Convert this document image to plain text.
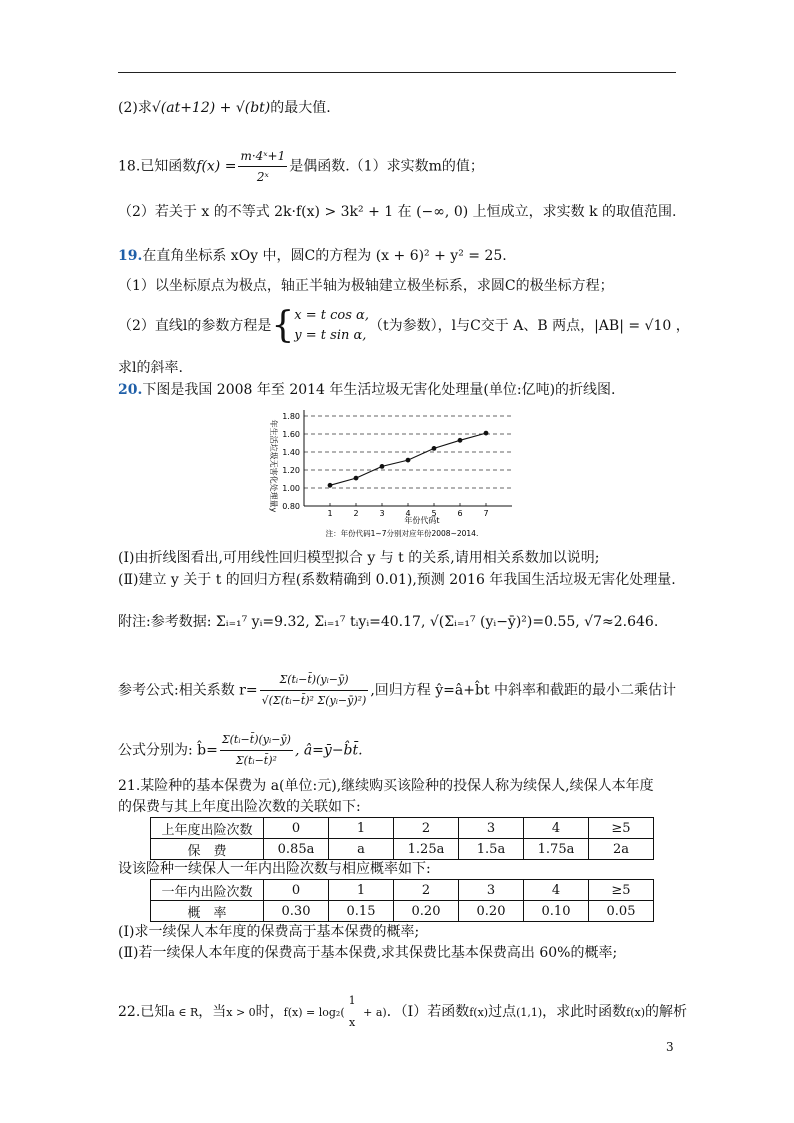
(2)求√(at+12) + √(bt)的最大值.
18.已知函数$f(x) = \frac{\text{m·4ˣ+1}}{\text{2ˣ}}$ 是偶函数.（1）求实数m的值；
（2）若关于 x 的不等式 2k·f(x) > 3k² + 1 在 (−∞, 0) 上恒成立，求实数 k 的取值范围.
19.在直角坐标系 xOy 中，圆C的方程为 (x + 6)² + y² = 25.
（1）以坐标原点为极点，轴正半轴为极轴建立极坐标系，求圆C的极坐标方程；
（2）直线l的参数方程是{ x = t cos α,
y = t sin α,
（t为参数），l与C交于 A、B 两点，|AB| = √10 ，
求l的斜率.
20.下图是我国 2008 年至 2014 年生活垃圾无害化处理量(单位:亿吨)的折线图.
0.80
1.00
1.20
1.40
1.60
1.80
1	2	3	4	5	6	7
年生活垃圾无害化处理量y
年份代码t
注：年份代码1~7分别对应年份2008~2014.
(Ⅰ)由折线图看出,可用线性回归模型拟合 y 与 t 的关系,请用相关系数加以说明;
(Ⅱ)建立 y 关于 t 的回归方程(系数精确到 0.01),预测 2016 年我国生活垃圾无害化处理量.
附注:参考数据: Σᵢ₌₁⁷ yᵢ=9.32, Σᵢ₌₁⁷ tᵢyᵢ=40.17, √(Σᵢ₌₁⁷ (yᵢ−ȳ)²)=0.55, √7≈2.646.
参考公式:相关系数 $r= \frac{\text{Σ(tᵢ−t̄)(yᵢ−ȳ)}}{\text{√(Σ(tᵢ−t̄)² Σ(yᵢ−ȳ)²)}}$ ,回归方程 ŷ=â+b̂t 中斜率和截距的最小二乘估计
公式分别为: b̂= $\frac{\text{Σ(tᵢ−t̄)(yᵢ−ȳ)}}{\text{Σ(tᵢ−t̄)²}}$ , â=ȳ−b̂t̄.
21.某险种的基本保费为 a(单位:元),继续购买该险种的投保人称为续保人,续保人本年度
的保费与其上年度出险次数的关联如下:
上年度出险次数	0	1	2	3	4	≥5
保　费	0.85a	a	1.25a	1.5a	1.75a	2a
设该险种一续保人一年内出险次数与相应概率如下:
一年内出险次数	0	1	2	3	4	≥5
概　率	0.30	0.15	0.20	0.20	0.10	0.05
(Ⅰ)求一续保人本年度的保费高于基本保费的概率;
(Ⅱ)若一续保人本年度的保费高于基本保费,求其保费比基本保费高出 60%的概率;
22.已知a ∈ R，当x > 0时，f(x) = log₂(
1
x
+ a)．（Ⅰ）若函数f(x)过点(1,1)，求此时函数f(x)的解析
3
